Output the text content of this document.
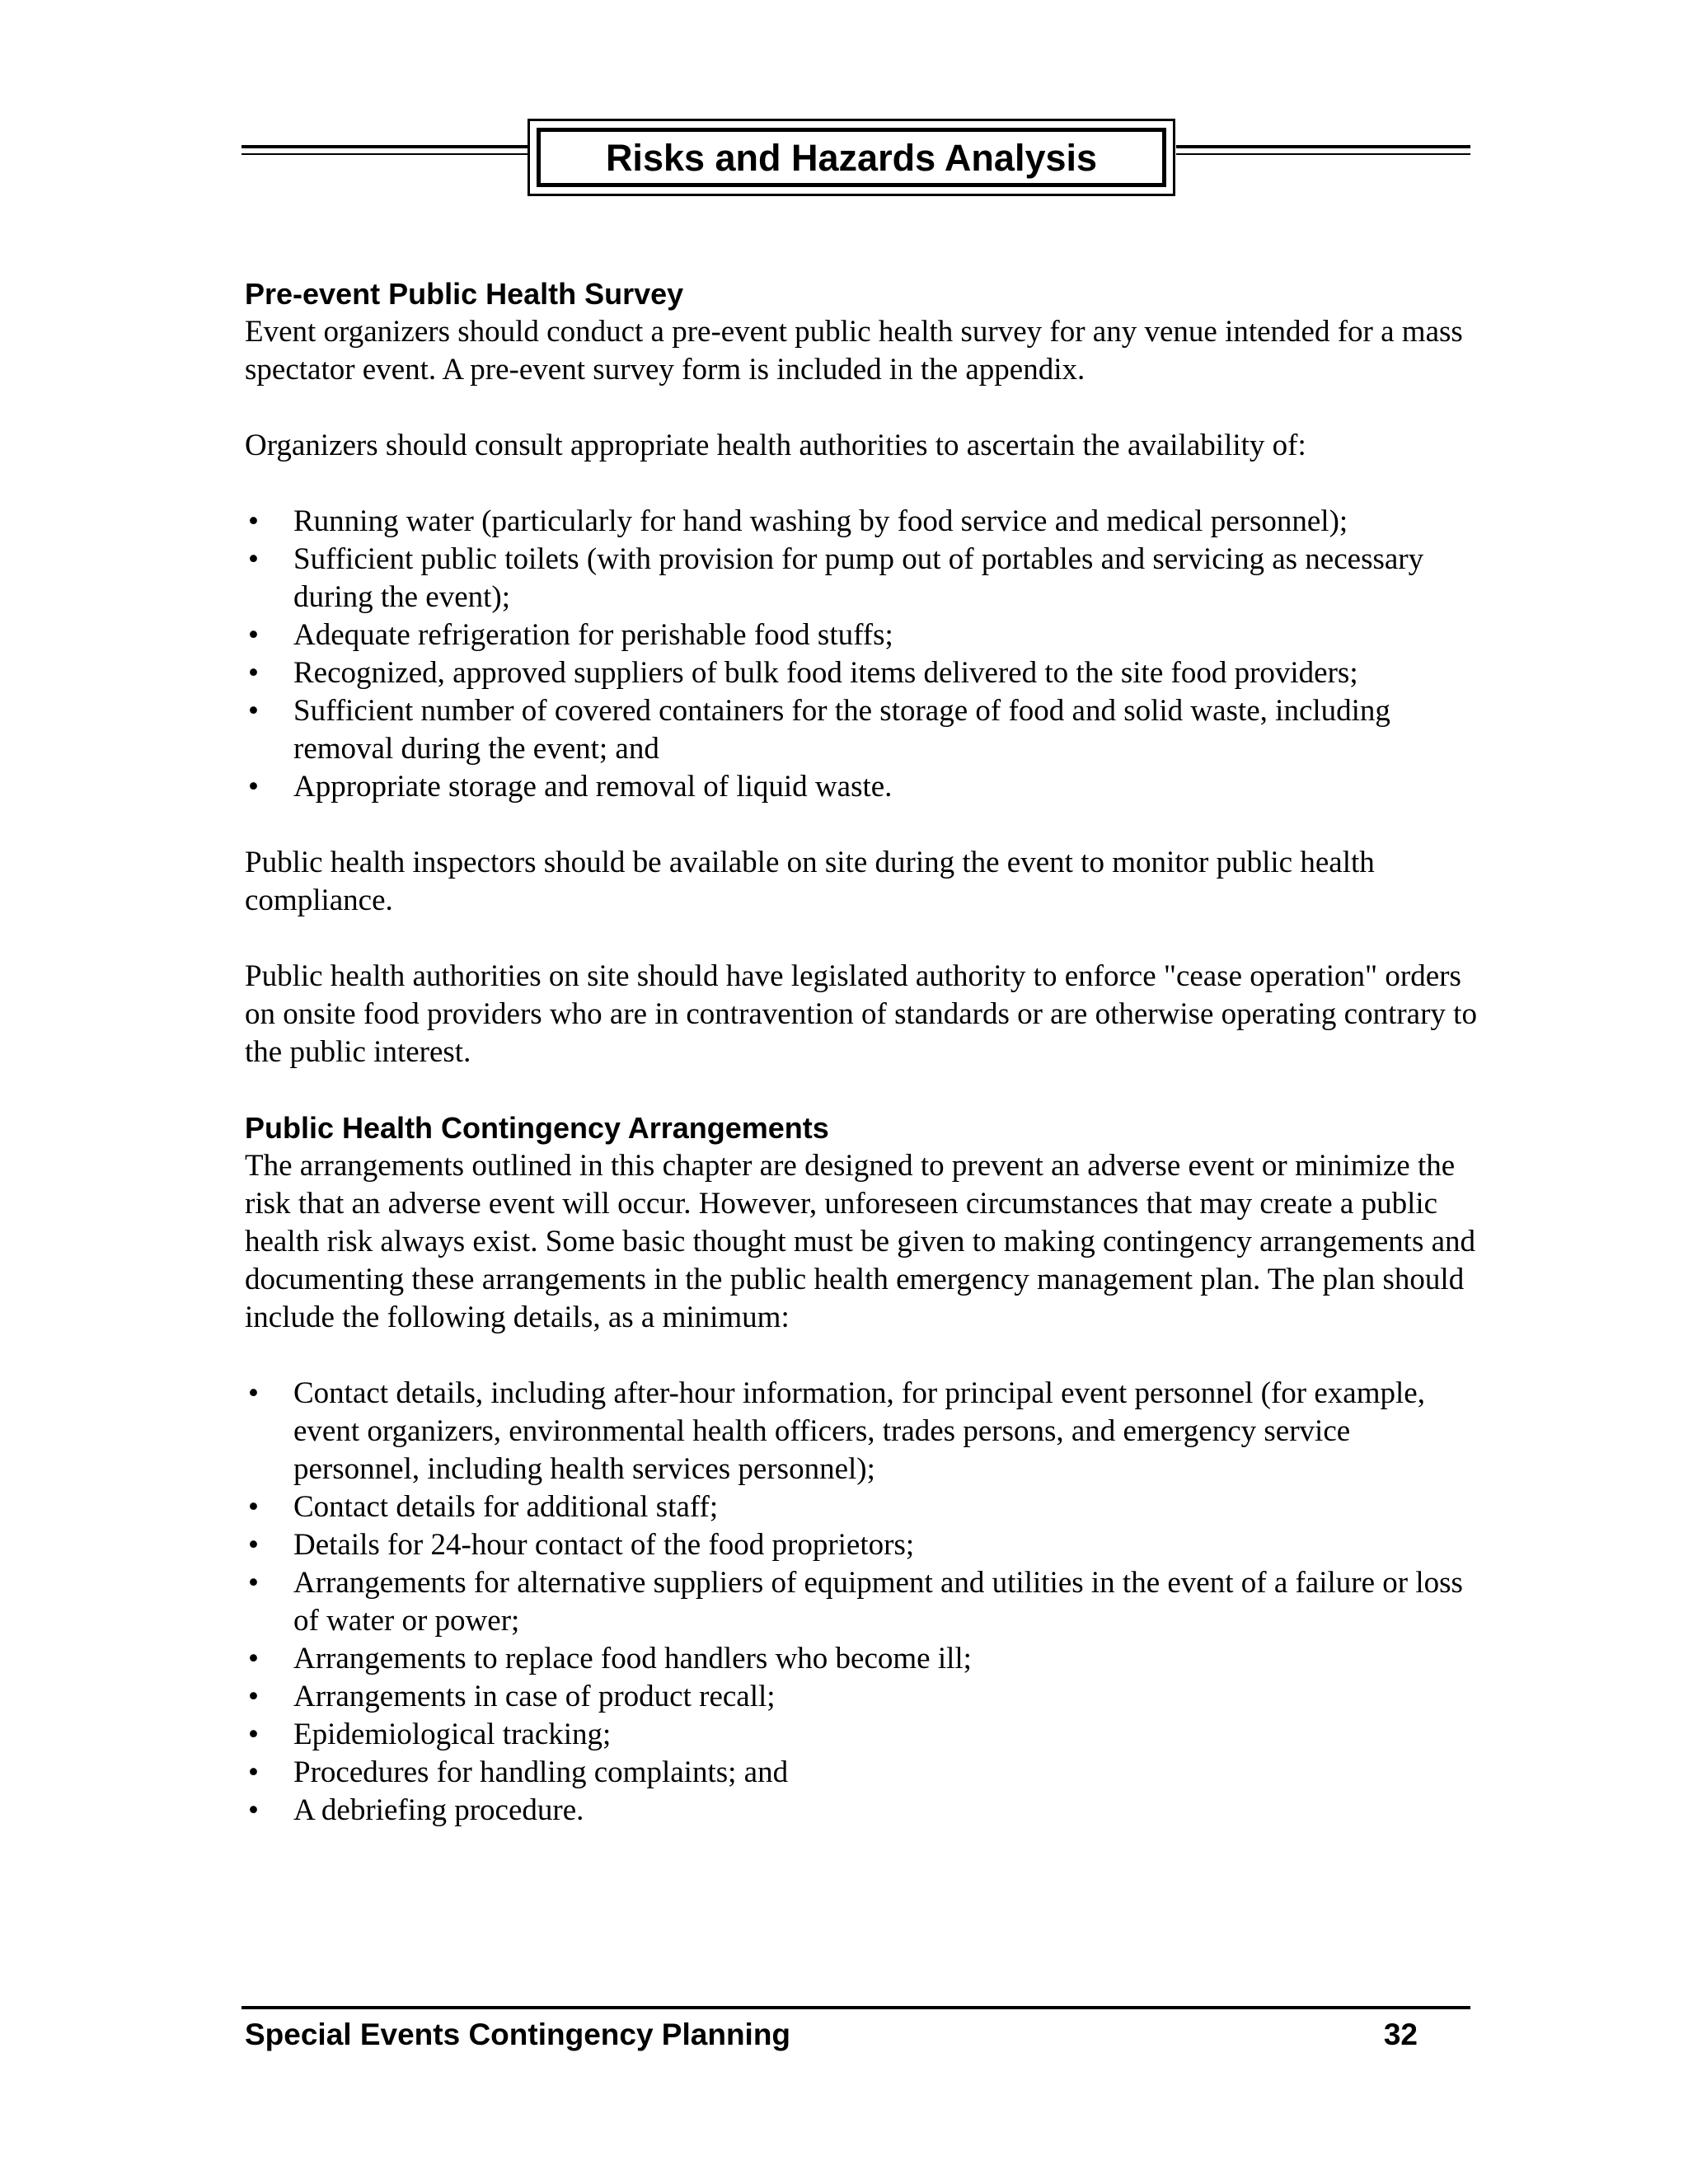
Risks and Hazards Analysis
Pre-event Public Health Survey

Event organizers should conduct a pre-event public health survey for any venue intended for a mass spectator event. A pre-event survey form is included in the appendix.

Organizers should consult appropriate health authorities to ascertain the availability of:

• Running water (particularly for hand washing by food service and medical personnel);
• Sufficient public toilets (with provision for pump out of portables and servicing as necessary during the event);
• Adequate refrigeration for perishable food stuffs;
• Recognized, approved suppliers of bulk food items delivered to the site food providers;
• Sufficient number of covered containers for the storage of food and solid waste, including removal during the event; and
• Appropriate storage and removal of liquid waste.

Public health inspectors should be available on site during the event to monitor public health compliance.

Public health authorities on site should have legislated authority to enforce "cease operation" orders on onsite food providers who are in contravention of standards or are otherwise operating contrary to the public interest.

Public Health Contingency Arrangements

The arrangements outlined in this chapter are designed to prevent an adverse event or minimize the risk that an adverse event will occur. However, unforeseen circumstances that may create a public health risk always exist. Some basic thought must be given to making contingency arrangements and documenting these arrangements in the public health emergency management plan. The plan should include the following details, as a minimum:

• Contact details, including after-hour information, for principal event personnel (for example, event organizers, environmental health officers, trades persons, and emergency service personnel, including health services personnel);
• Contact details for additional staff;
• Details for 24-hour contact of the food proprietors;
• Arrangements for alternative suppliers of equipment and utilities in the event of a failure or loss of water or power;
• Arrangements to replace food handlers who become ill;
• Arrangements in case of product recall;
• Epidemiological tracking;
• Procedures for handling complaints; and
• A debriefing procedure.
Special Events Contingency Planning	32
